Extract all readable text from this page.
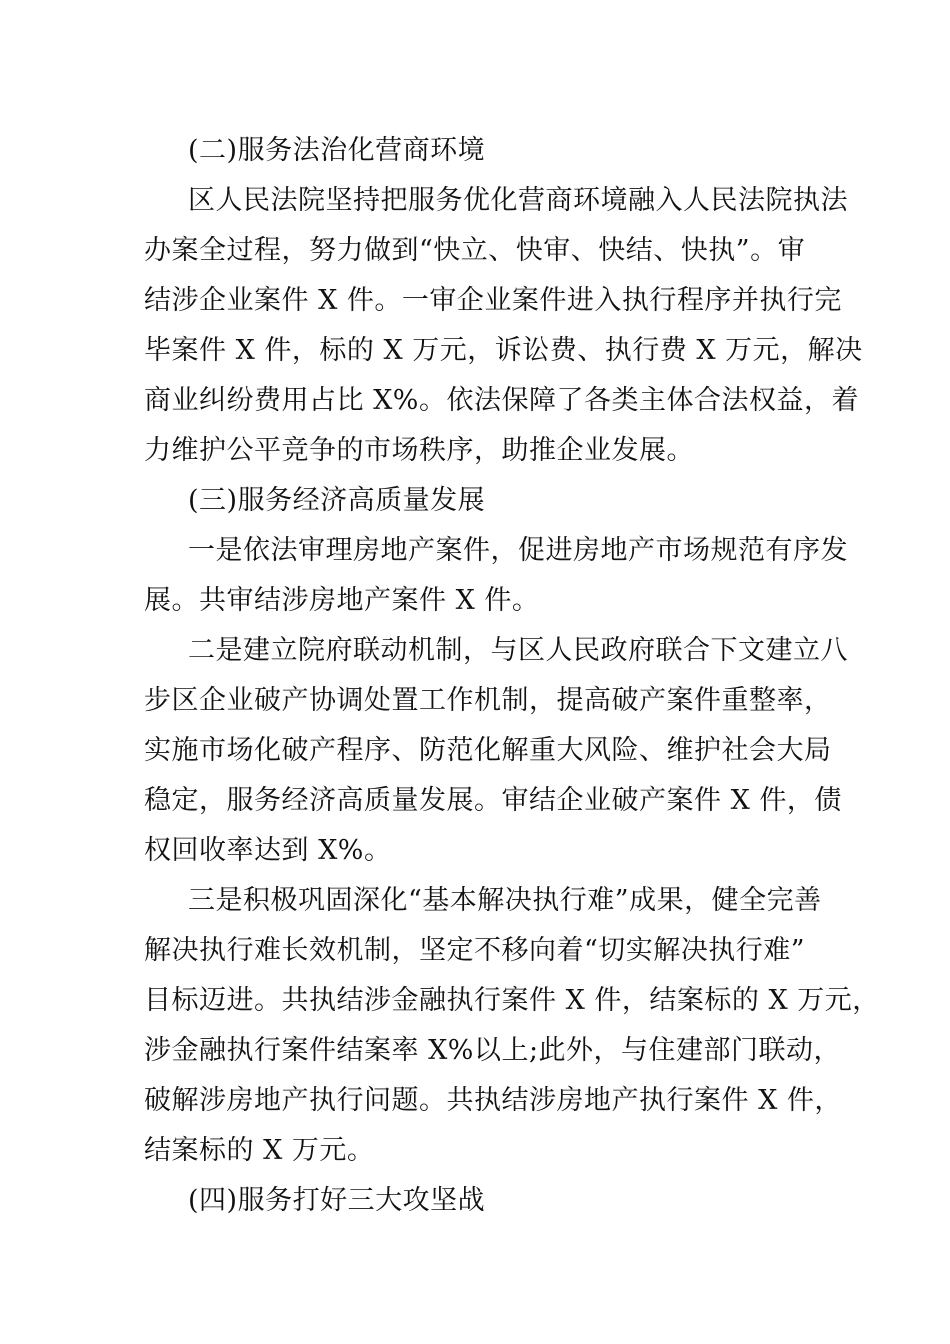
(二)服务法治化营商环境
区人民法院坚持把服务优化营商环境融入人民法院执法
办案全过程，努力做到“快立、快审、快结、快执”。审
结涉企业案件 X 件。一审企业案件进入执行程序并执行完
毕案件 X 件，标的 X 万元，诉讼费、执行费 X 万元，解决
商业纠纷费用占比 X%。依法保障了各类主体合法权益，着
力维护公平竞争的市场秩序，助推企业发展。
(三)服务经济高质量发展
一是依法审理房地产案件，促进房地产市场规范有序发
展。共审结涉房地产案件 X 件。
二是建立院府联动机制，与区人民政府联合下文建立八
步区企业破产协调处置工作机制，提高破产案件重整率，
实施市场化破产程序、防范化解重大风险、维护社会大局
稳定，服务经济高质量发展。审结企业破产案件 X 件，债
权回收率达到 X%。
三是积极巩固深化“基本解决执行难”成果，健全完善
解决执行难长效机制，坚定不移向着“切实解决执行难”
目标迈进。共执结涉金融执行案件 X 件，结案标的 X 万元，
涉金融执行案件结案率 X%以上;此外，与住建部门联动，
破解涉房地产执行问题。共执结涉房地产执行案件 X 件，
结案标的 X 万元。
(四)服务打好三大攻坚战
